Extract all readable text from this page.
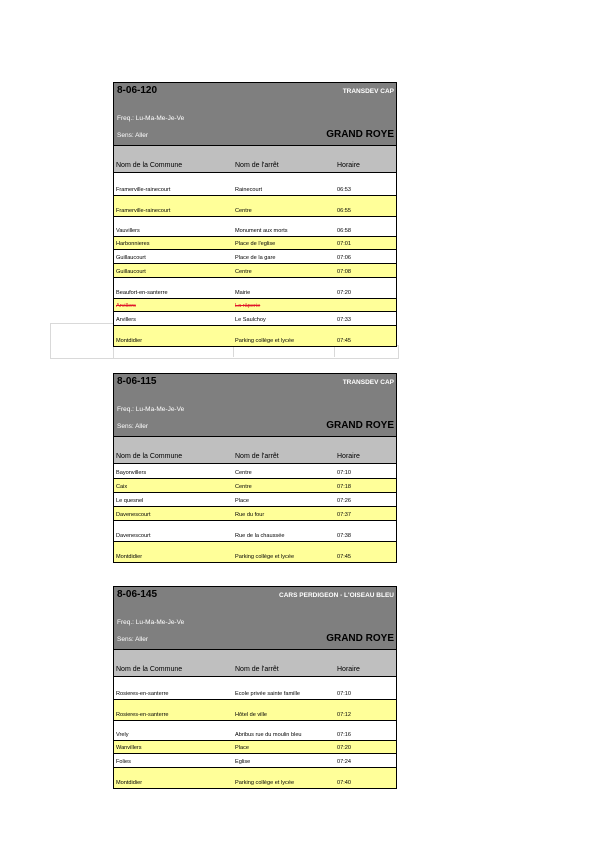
8-06-120	TRANSDEV CAP
Freq.: Lu-Ma-Me-Je-Ve
Sens: Aller	GRAND ROYE
Nom de la Commune	Nom de l'arrêt	Horaire
Framerville-rainecourt	Rainecourt	06:53
Framerville-rainecourt	Centre	06:55
Vauvillers	Monument aux morts	06:58
Harbonnieres	Place de l'eglise	07:01
Guillaucourt	Place de la gare	07:06
Guillaucourt	Centre	07:08
Beaufort-en-santerre	Mairie	07:20
Arvillers	La râperie
Arvillers	Le Saulchoy	07:33
Montdidier	Parking collège et lycée	07:45
8-06-115	TRANSDEV CAP
Freq.: Lu-Ma-Me-Je-Ve
Sens: Aller	GRAND ROYE
Nom de la Commune	Nom de l'arrêt	Horaire
Bayonvillers	Centre	07:10
Caix	Centre	07:18
Le quesnel	Place	07:26
Davenescourt	Rue du four	07:37
Davenescourt	Rue de la chaussée	07:38
Montdidier	Parking collège et lycée	07:45
8-06-145	CARS PERDIGEON - L'OISEAU BLEU
Freq.: Lu-Ma-Me-Je-Ve
Sens: Aller	GRAND ROYE
Nom de la Commune	Nom de l'arrêt	Horaire
Rosieres-en-santerre	Ecole privée sainte famille	07:10
Rosieres-en-santerre	Hôtel de ville	07:12
Vrely	Abribus rue du moulin bleu	07:16
Wanvillers	Place	07:20
Folies	Eglise	07:24
Montdidier	Parking collège et lycée	07:40
